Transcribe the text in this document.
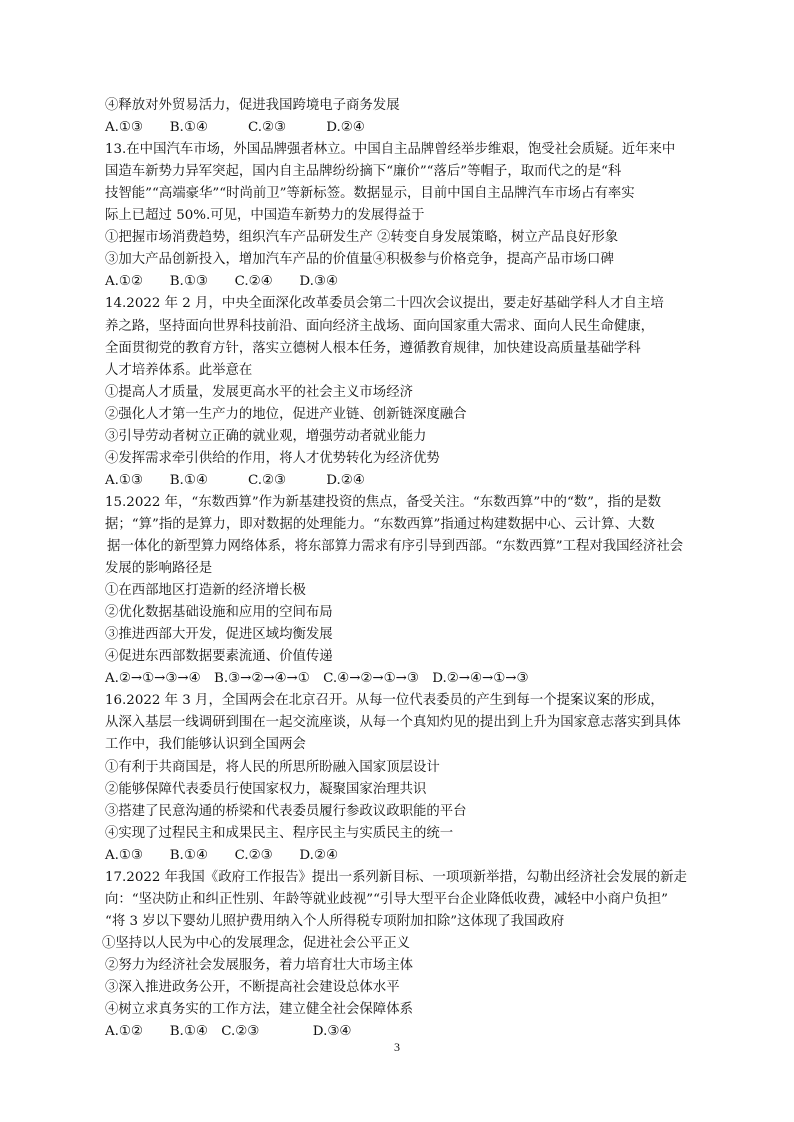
④释放对外贸易活力，促进我国跨境电子商务发展
A.①③　　B.①④　　　C.②③　　　D.②④
13.在中国汽车市场，外国品牌强者林立。中国自主品牌曾经举步维艰，饱受社会质疑。近年来中
国造车新势力异军突起，国内自主品牌纷纷摘下“廉价”“落后”等帽子，取而代之的是“科
技智能”“高端豪华”“时尚前卫”等新标签。数据显示，目前中国自主品牌汽车市场占有率实
际上已超过 50%.可见，中国造车新势力的发展得益于
①把握市场消费趋势，组织汽车产品研发生产 ②转变自身发展策略，树立产品良好形象
③加大产品创新投入，增加汽车产品的价值量④积极参与价格竞争，提高产品市场口碑
A.①②　　B.①③　　C.②④　　D.③④
14.2022 年 2 月，中央全面深化改革委员会第二十四次会议提出，要走好基础学科人才自主培
养之路，坚持面向世界科技前沿、面向经济主战场、面向国家重大需求、面向人民生命健康，
全面贯彻党的教育方针，落实立德树人根本任务，遵循教育规律，加快建设高质量基础学科
人才培养体系。此举意在
①提高人才质量，发展更高水平的社会主义市场经济
②强化人才第一生产力的地位，促进产业链、创新链深度融合
③引导劳动者树立正确的就业观，增强劳动者就业能力
④发挥需求牵引供给的作用，将人才优势转化为经济优势
A.①③　　B.①④　　　C.②③　　　D.②④
15.2022 年，“东数西算”作为新基建投资的焦点，备受关注。“东数西算”中的“数”，指的是数
据；“算”指的是算力，即对数据的处理能力。“东数西算”指通过构建数据中心、云计算、大数
据一体化的新型算力网络体系，将东部算力需求有序引导到西部。“东数西算”工程对我国经济社会
发展的影响路径是
①在西部地区打造新的经济增长极
②优化数据基础设施和应用的空间布局
③推进西部大开发，促进区域均衡发展
④促进东西部数据要素流通、价值传递
A.②→①→③→④　B.③→②→④→①　C.④→②→①→③　D.②→④→①→③
16.2022 年 3 月，全国两会在北京召开。从每一位代表委员的产生到每一个提案议案的形成，
从深入基层一线调研到围在一起交流座谈，从每一个真知灼见的提出到上升为国家意志落实到具体
工作中，我们能够认识到全国两会
①有利于共商国是，将人民的所思所盼融入国家顶层设计
②能够保障代表委员行使国家权力，凝聚国家治理共识
③搭建了民意沟通的桥梁和代表委员履行参政议政职能的平台
④实现了过程民主和成果民主、程序民主与实质民主的统一
A.①③　　B.①④　　C.②③　　D.②④
17.2022 年我国《政府工作报告》提出一系列新目标、一项项新举措，勾勒出经济社会发展的新走
向：“坚决防止和纠正性别、年龄等就业歧视”“引导大型平台企业降低收费，减轻中小商户负担”
“将 3 岁以下婴幼儿照护费用纳入个人所得税专项附加扣除”这体现了我国政府
①坚持以人民为中心的发展理念，促进社会公平正义
②努力为经济社会发展服务，着力培育壮大市场主体
③深入推进政务公开，不断提高社会建设总体水平
④树立求真务实的工作方法，建立健全社会保障体系
A.①②　　B.①④　C.②③　　　　D.③④
3
